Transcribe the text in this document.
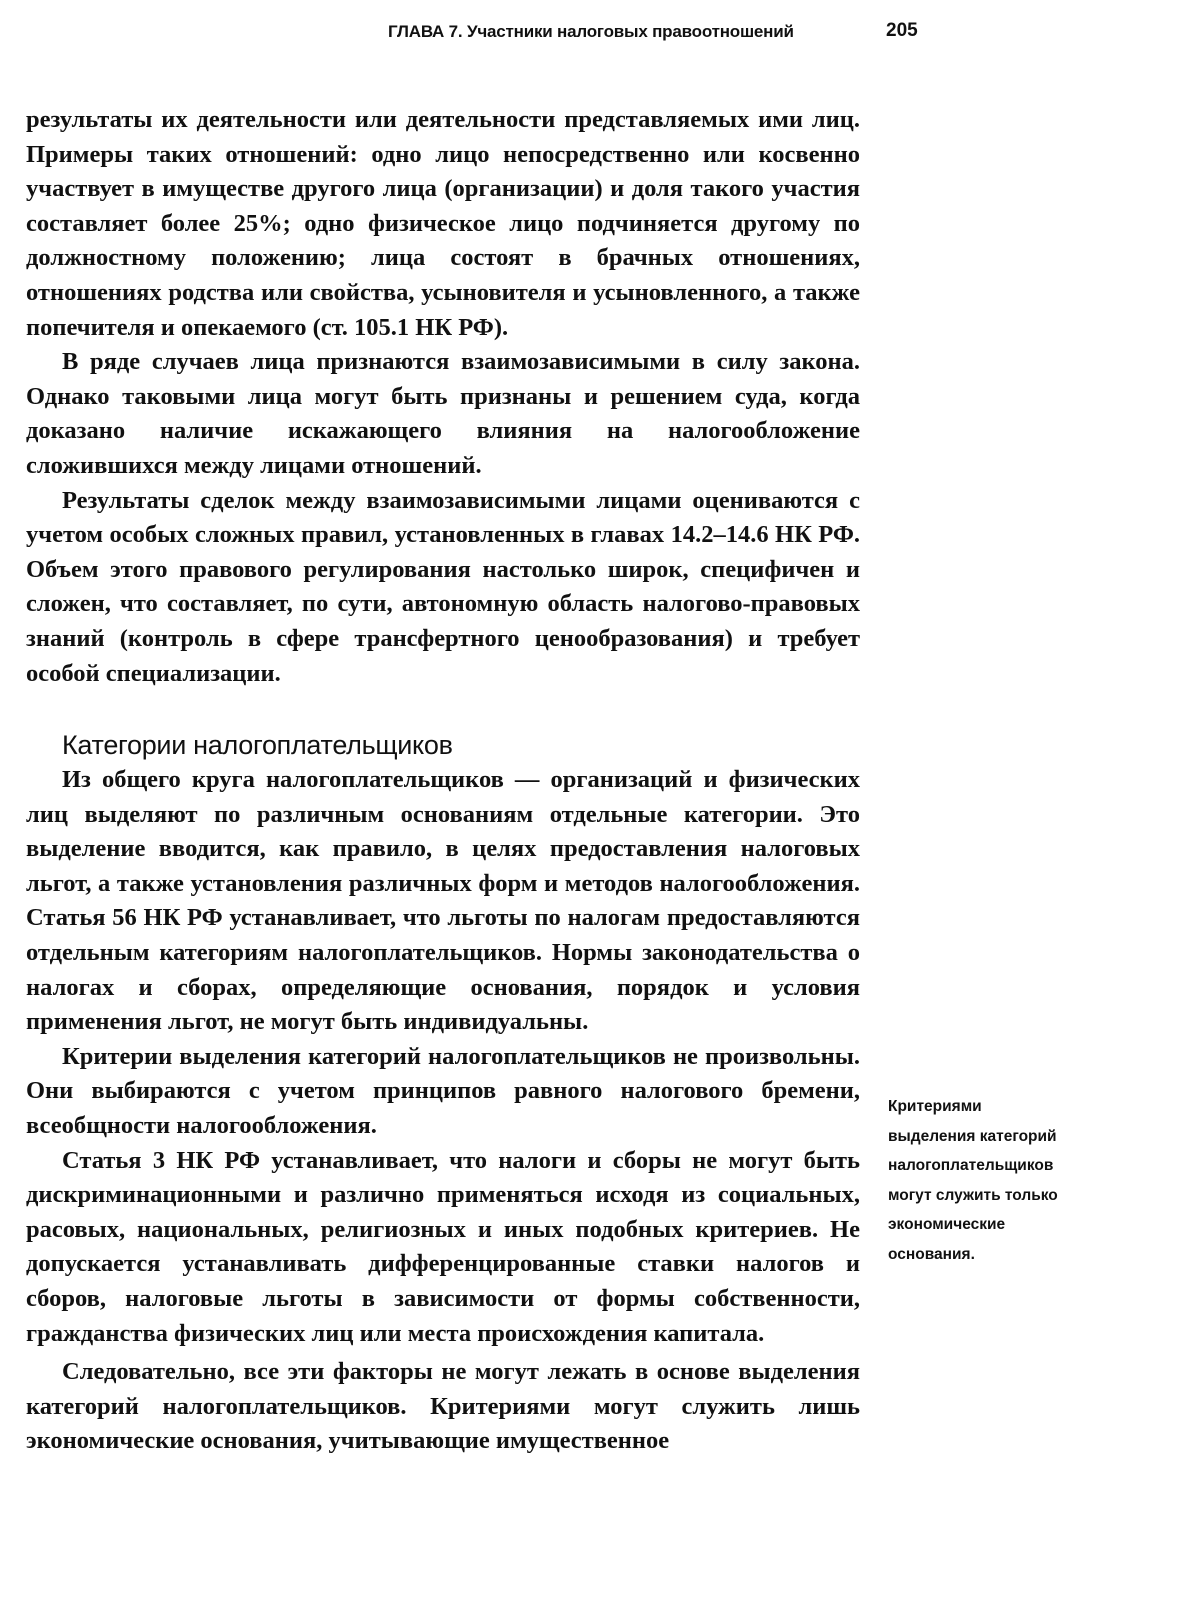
ГЛАВА 7. Участники налоговых правоотношений	205

результаты их деятельности или деятельности представляемых ими лиц. Примеры таких отношений: одно лицо непосредственно или косвенно участвует в имуществе другого лица (организации) и доля такого участия составляет более 25%; одно физическое лицо подчиняется другому по должностному положению; лица состоят в брачных отношениях, отношениях родства или свойства, усыновителя и усыновленного, а также попечителя и опекаемого (ст. 105.1 НК РФ).

В ряде случаев лица признаются взаимозависимыми в силу закона. Однако таковыми лица могут быть признаны и решением суда, когда доказано наличие искажающего влияния на налогообложение сложившихся между лицами отношений.

Результаты сделок между взаимозависимыми лицами оцениваются с учетом особых сложных правил, установленных в главах 14.2–14.6 НК РФ. Объем этого правового регулирования настолько широк, специфичен и сложен, что составляет, по сути, автономную область налогово-правовых знаний (контроль в сфере трансфертного ценообразования) и требует особой специализации.

Категории налогоплательщиков

Из общего круга налогоплательщиков — организаций и физических лиц выделяют по различным основаниям отдельные категории. Это выделение вводится, как правило, в целях предоставления налоговых льгот, а также установления различных форм и методов налогообложения. Статья 56 НК РФ устанавливает, что льготы по налогам предоставляются отдельным категориям налогоплательщиков. Нормы законодательства о налогах и сборах, определяющие основания, порядок и условия применения льгот, не могут быть индивидуальны.

Критерии выделения категорий налогоплательщиков не произвольны. Они выбираются с учетом принципов равного налогового бремени, всеобщности налогообложения.

Статья 3 НК РФ устанавливает, что налоги и сборы не могут быть дискриминационными и различно применяться исходя из социальных, расовых, национальных, религиозных и иных подобных критериев. Не допускается устанавливать дифференцированные ставки налогов и сборов, налоговые льготы в зависимости от формы собственности, гражданства физических лиц или места происхождения капитала.

Следовательно, все эти факторы не могут лежать в основе выделения категорий налогоплательщиков. Критериями могут служить лишь экономические основания, учитывающие имущественное

Критериями
выделения категорий
налогоплательщиков
могут служить только
экономические
основания.
